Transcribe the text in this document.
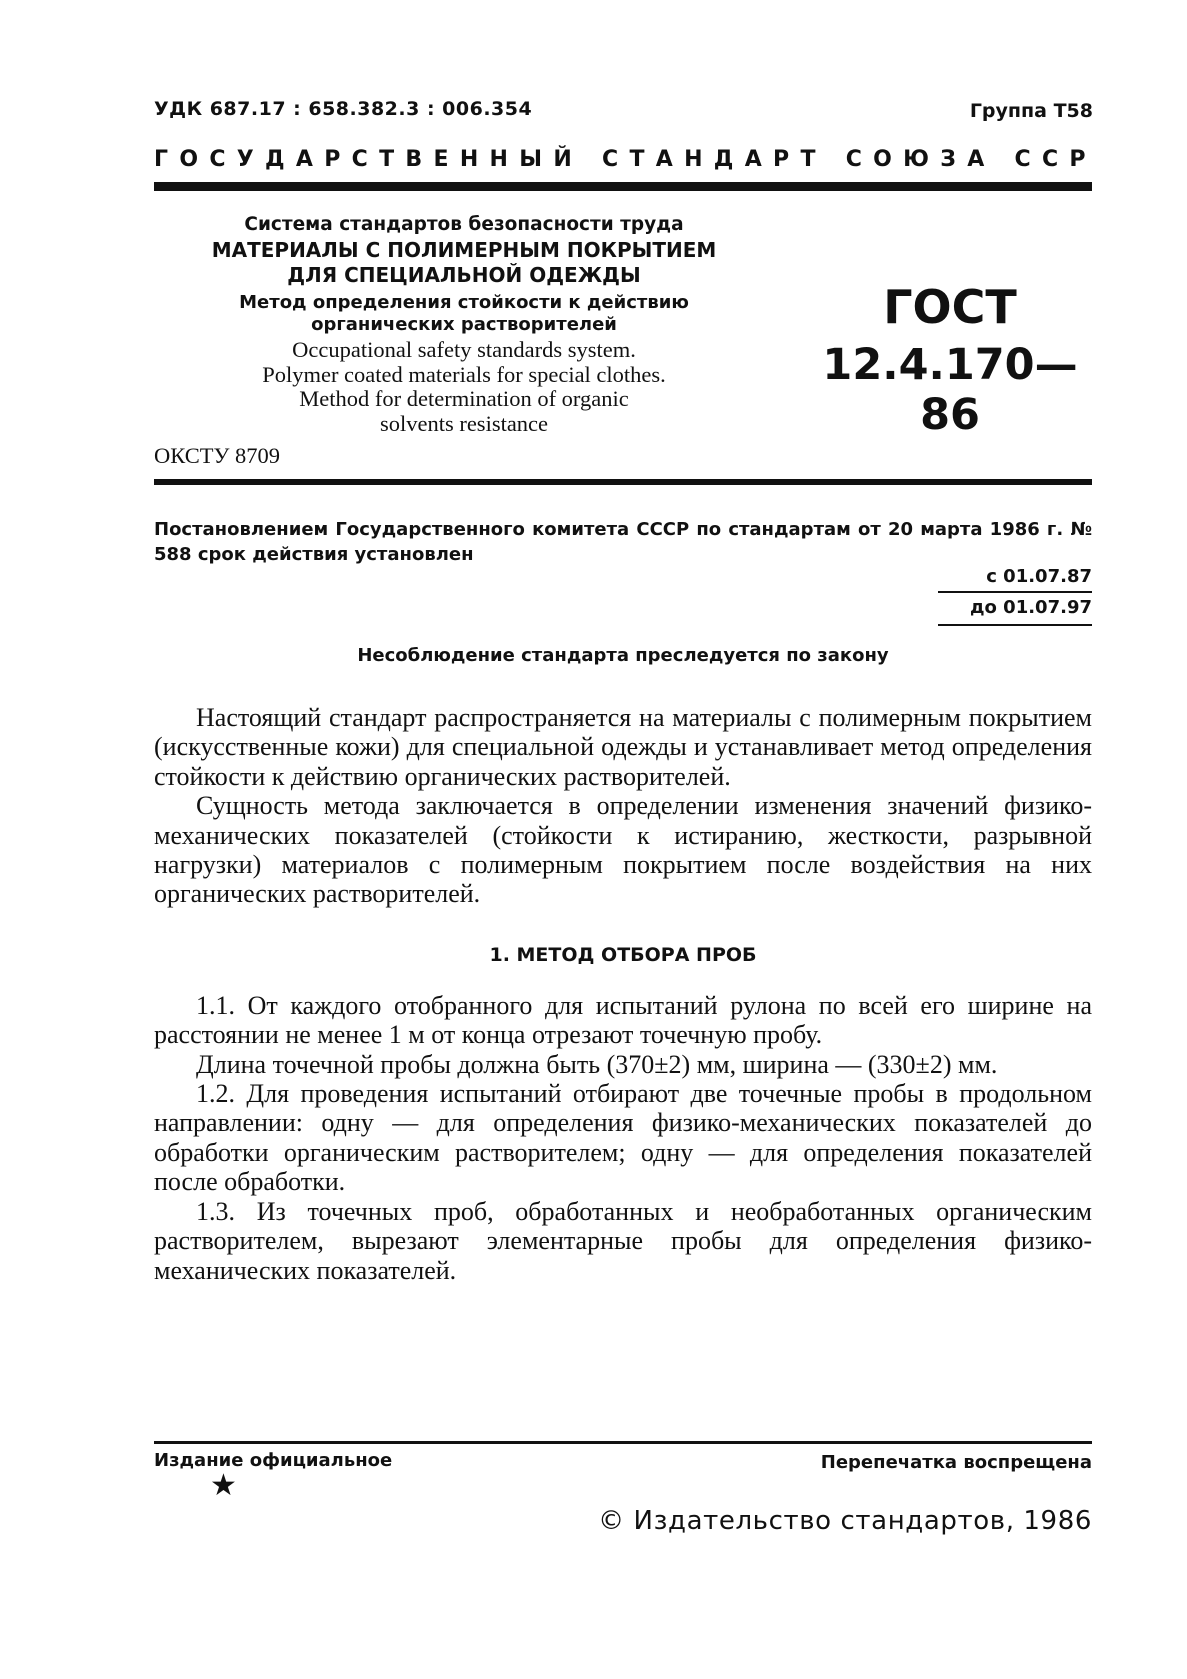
УДК 687.17 : 658.382.3 : 006.354	Группа Т58
ГОСУДАРСТВЕННЫЙ СТАНДАРТ СОЮЗА ССР
Система стандартов безопасности труда
МАТЕРИАЛЫ С ПОЛИМЕРНЫМ ПОКРЫТИЕМ
ДЛЯ СПЕЦИАЛЬНОЙ ОДЕЖДЫ
Метод определения стойкости к действию
органических растворителей
Occupational safety standards system.
Polymer coated materials for special clothes.
Method for determination of organic
solvents resistance
ГОСТ
12.4.170—86
ОКСТУ 8709
Постановлением Государственного комитета СССР по стандартам от 20 марта 1986 г. № 588 срок действия установлен
с 01.07.87
до 01.07.97
Несоблюдение стандарта преследуется по закону

Настоящий стандарт распространяется на материалы с полимерным покрытием (искусственные кожи) для специальной одежды и устанавливает метод определения стойкости к действию органических растворителей.

Сущность метода заключается в определении изменения значений физико-механических показателей (стойкости к истиранию, жесткости, разрывной нагрузки) материалов с полимерным покрытием после воздействия на них органических растворителей.

1. МЕТОД ОТБОРА ПРОБ

1.1. От каждого отобранного для испытаний рулона по всей его ширине на расстоянии не менее 1 м от конца отрезают точечную пробу.

Длина точечной пробы должна быть (370±2) мм, ширина — (330±2) мм.

1.2. Для проведения испытаний отбирают две точечные пробы в продольном направлении: одну — для определения физико-механических показателей до обработки органическим растворителем; одну — для определения показателей после обработки.

1.3. Из точечных проб, обработанных и необработанных органическим растворителем, вырезают элементарные пробы для определения физико-механических показателей.

Издание официальное
★
Перепечатка воспрещена
© Издательство стандартов, 1986
